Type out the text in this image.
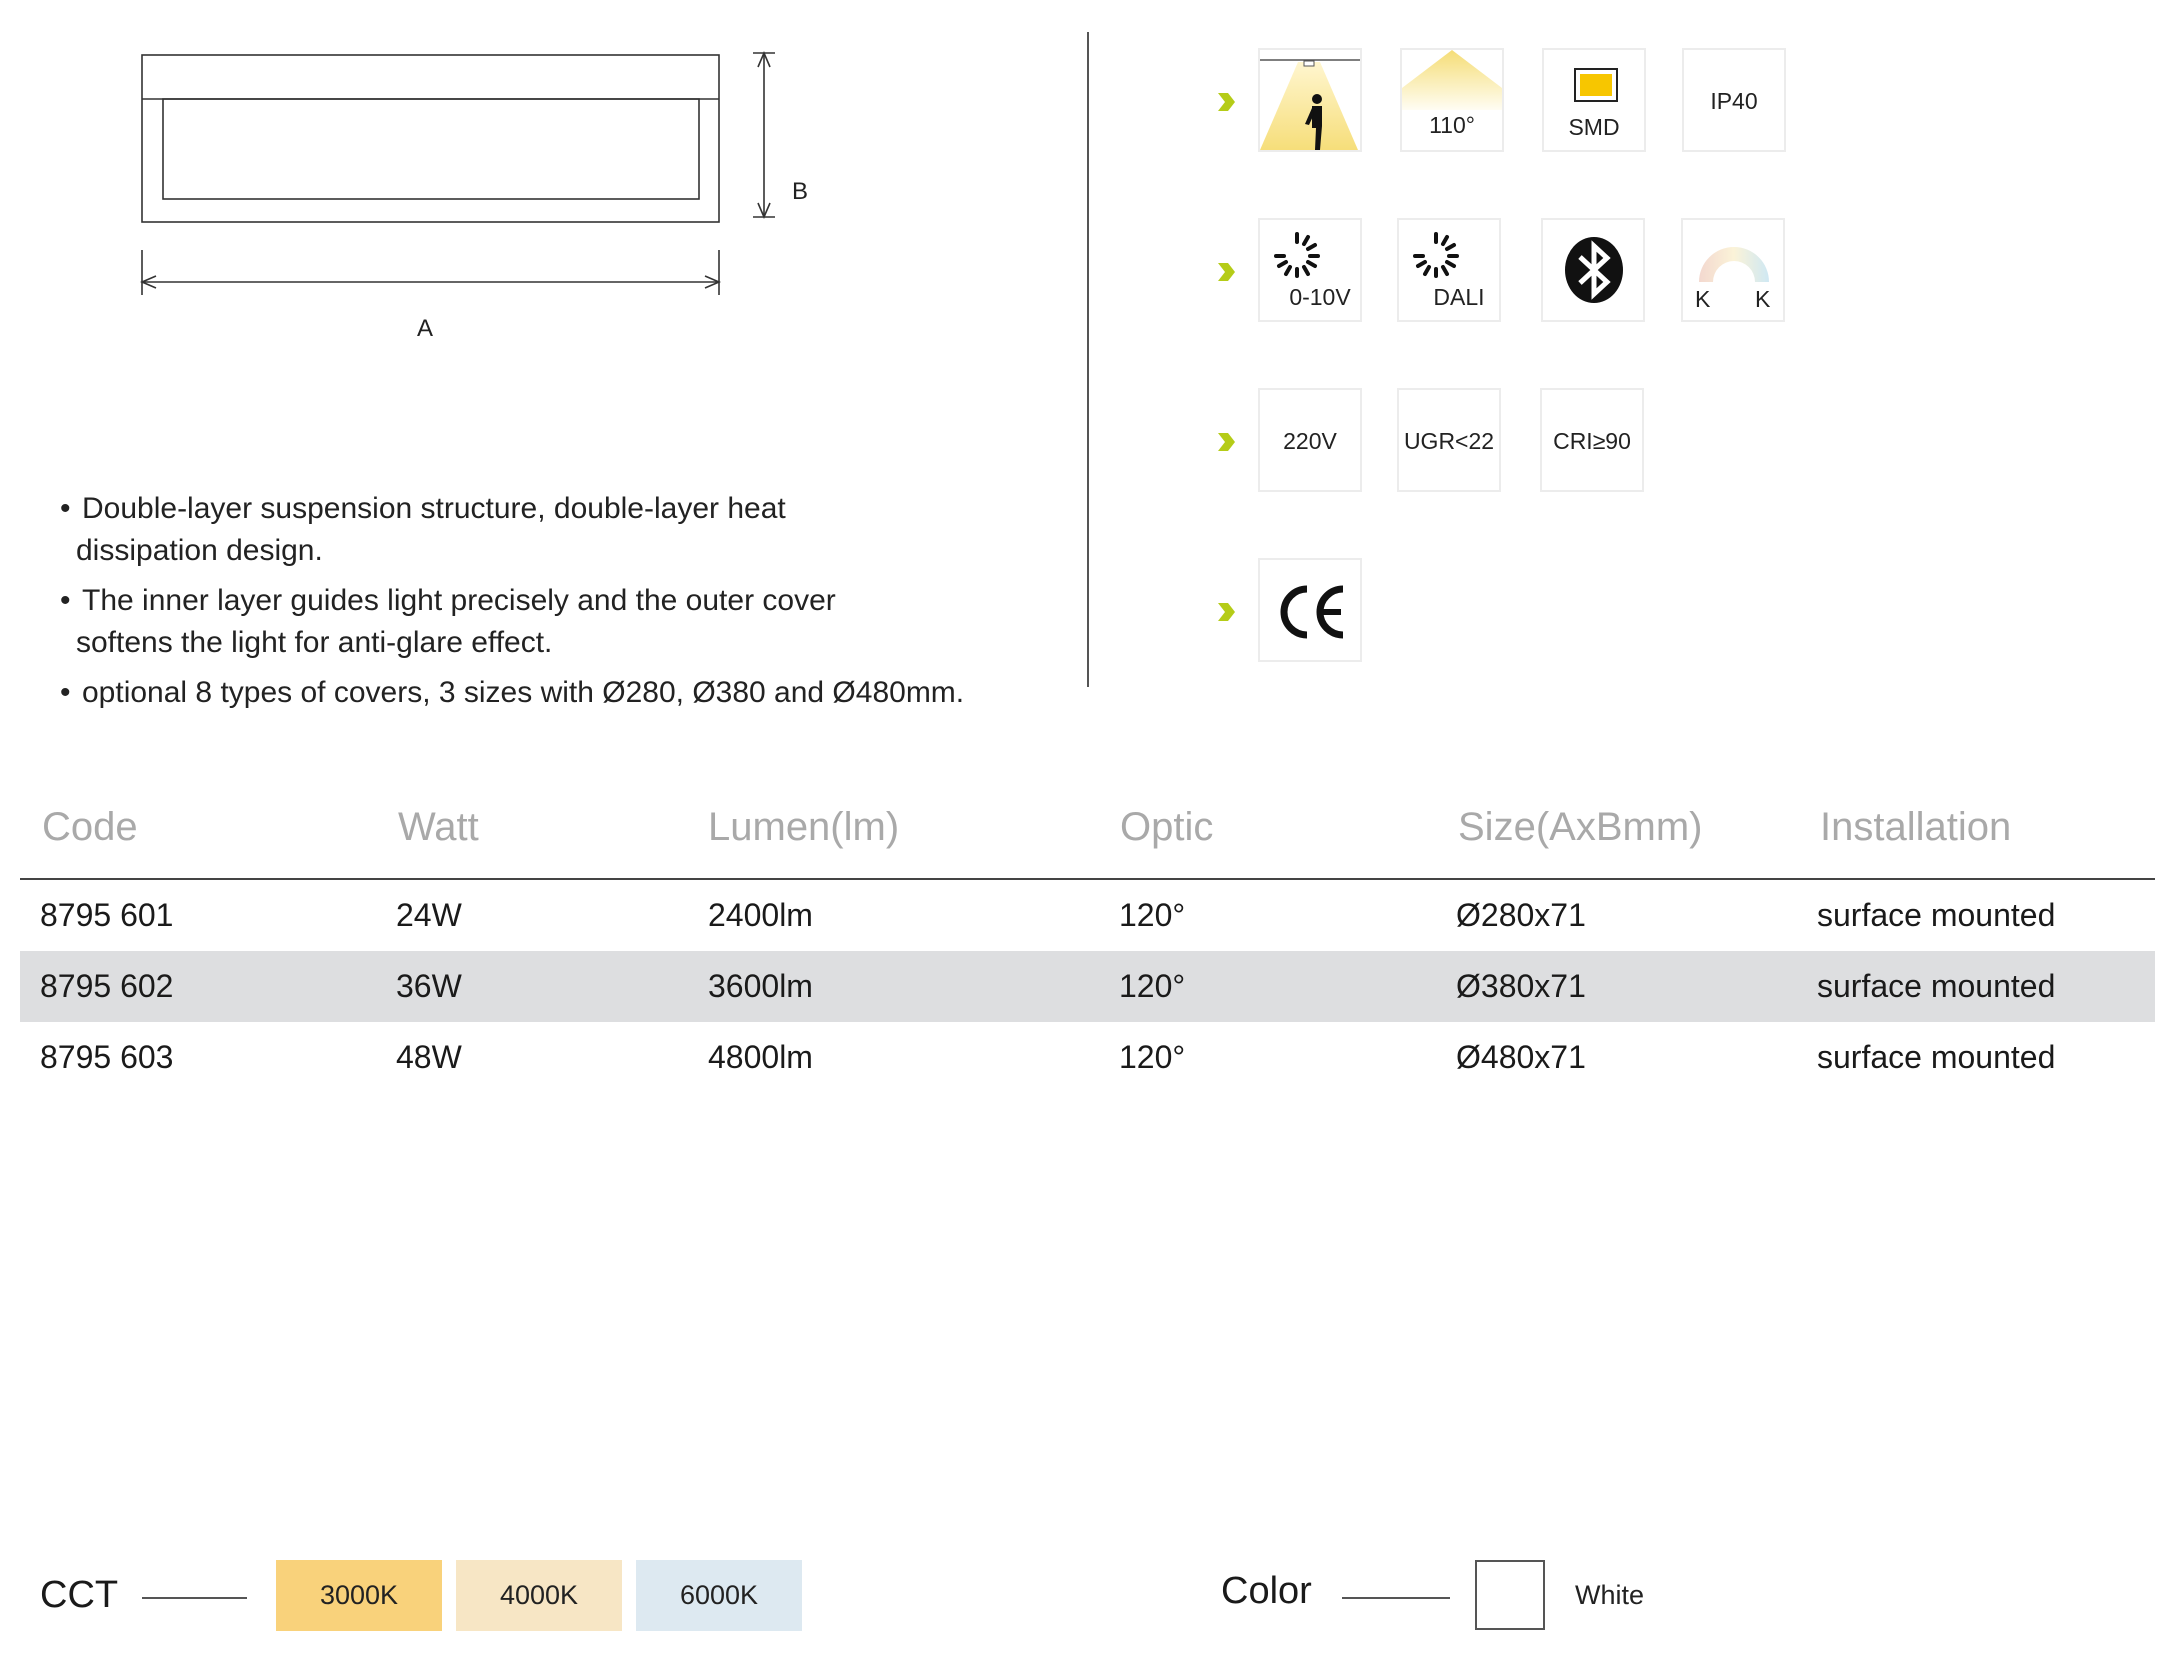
B
A
• Double-layer suspension structure, double-layer heat
dissipation design.
• The inner layer guides light precisely and the outer cover
softens the light for anti-glare effect.
• optional 8 types of covers, 3 sizes with Ø280, Ø380 and Ø480mm.
110°	SMD
IP40
0-10V	DALI	K K
220V	UGR<22	CRI≥90
Code	Watt	Lumen(lm)	Optic	Size(AxBmm)	Installation
8795 601	24W	2400lm	120°	Ø280x71	surface mounted
8795 602	36W	3600lm	120°	Ø380x71	surface mounted
8795 603	48W	4800lm	120°	Ø480x71	surface mounted
CCT	3000K	4000K	6000K	Color	White
